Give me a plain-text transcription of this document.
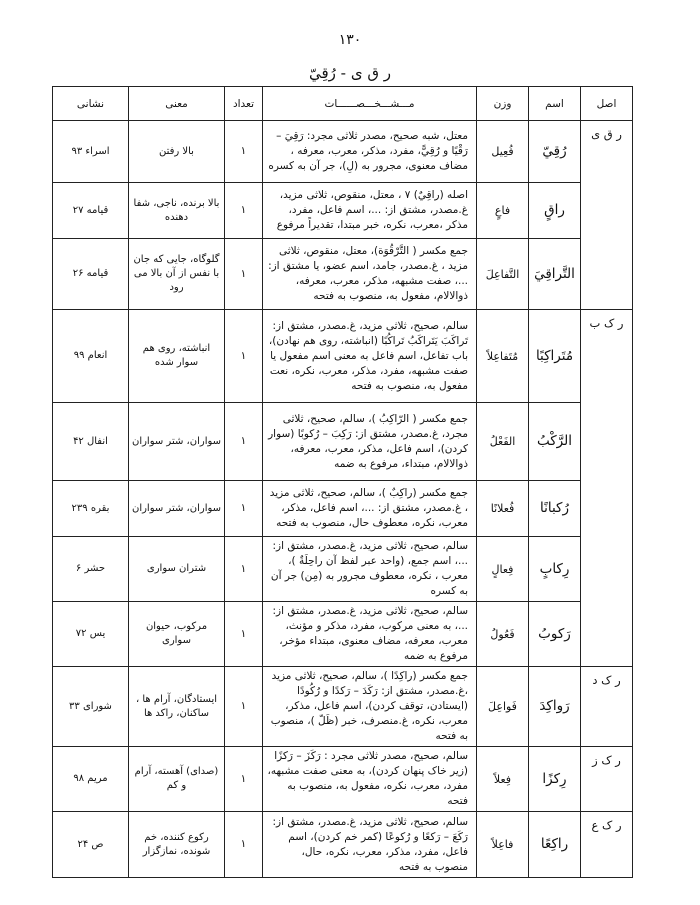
۱۳۰
ر ق ی - رُقِيّ
اصل	اسم	وزن	مـــشـــخـــصــــــات	تعداد	معنی	نشانی
ر ق ی	رُقِيّ	فُعِيل	معتل، شبه صحيح، مصدر ثلاثی مجرد: رَقِيَ – رَقْيًا و رُقِيًّ، مفرد، مذکر، معرب، معرفه ، مضاف معنوی، مجرور به (لِ)، جر آن به کسره	۱	بالا رفتن	اسراء ۹۳
	راقٍ	فاعٍ	اصله (راقِيٌ) ۷ ، معتل، منقوص، ثلاثی مزید، غ.مصدر، مشتق از: ...، اسم فاعل، مفرد، مذکر ،معرب، نکره، خبر مبتدا، تقديراً مرفوع	۱	بالا برنده، ناجی، شفا دهنده	قیامه ۲۷
	التَّراقِيَ	التَّفاعِلَ	جمع مکسر ( التَّرْقُوَة)، معتل، منقوص، ثلاثی مزید ، غ.مصدر، جامد، اسم عضو، یا مشتق از: ...، صفت مشبهه، مذکر، معرب، معرفه، ذوالالام، مفعول به، منصوب به فتحه	۱	گلوگاه، جایی که جان با نفس از آن بالا می رود	قیامه ۲۶
ر ک ب	مُتَراکِبًا	مُتَفاعِلاً	سالم، صحيح، ثلاثی مزید، غ.مصدر، مشتق از: تَراکَبَ يَتَراکَبُ تَراکُبًا (انباشته، روی هم نهادن)، باب تفاعل، اسم فاعل به معنی اسم مفعول یا صفت مشبهه، مفرد، مذکر، معرب، نکره، نعت مفعول به، منصوب به فتحه	۱	انباشته، روی هم سوار شده	انعام ۹۹
	الرَّکْبُ	الفَعْلُ	جمع مکسر ( الرّاکِبُ )، سالم، صحيح، ثلاثی مجرد، غ.مصدر، مشتق از: رَکِبَ – رُکوبًا (سوار کردن)، اسم فاعل، مذکر، معرب، معرفه، ذوالالام، مبتداء، مرفوع به ضمه	۱	سواران، شتر سواران	انفال ۴۲
	رُکبانًا	فُعلانًا	جمع مکسر (راکِبٌ )، سالم، صحيح، ثلاثی مزید ، غ.مصدر، مشتق از: ...، اسم فاعل، مذکر، معرب، نکره، معطوف حال، منصوب به فتحه	۱	سواران، شتر سواران	بقره ۲۳۹
	رِکابٍ	فِعالٍ	سالم، صحيح، ثلاثی مزید، غ.مصدر، مشتق از: ...، اسم جمع، (واحد عبر لفظ آن راحِلَةٌ )، معرب ، نکره، معطوف مجرور به (مِن) جر آن به کسره	۱	شتران سواری	حشر ۶
	رَکوبُ	فَعُولُ	سالم، صحيح، ثلاثی مزید، غ.مصدر، مشتق از: ...، به معنی مرکوب، مفرد، مذکر و مؤنث، معرب، معرفه، مضاف معنوی، مبتداء مؤخر، مرفوع به ضمه	۱	مرکوب، حیوان سواری	یس ۷۲
ر ک د	رَواکِدَ	فَواعِلَ	جمع مکسر (راکِدًا )، سالم، صحيح، ثلاثی مزید ،غ.مصدر، مشتق از: رَکَدَ – رَکدًا و رُکُودًا (ایستادن، توقف کردن)، اسم فاعل، مذکر، معرب، نکره، غ.منصرف، خبر (ظَلّ )، منصوب به فتحه	۱	ایستادگان، آرام ها ، ساکنان، راکد ها	شورای ۳۳
ر ک ز	رِکزًا	فِعلاً	سالم، صحيح، مصدر ثلاثی مجرد : رَکَزَ – رَکزًا (زیر خاک پنهان کردن)، به معنی صفت مشبهه، مفرد، معرب، نکره، مفعول به، منصوب به فتحه	۱	(صدای) آهسته، آرام و کم	مریم ۹۸
ر ک ع	راکِعًا	فاعِلاً	سالم، صحيح، ثلاثی مزید، غ.مصدر، مشتق از: رَکَعَ – رَکعًا و رُکوعًا (کمر خم کردن)، اسم فاعل، مفرد، مذکر، معرب، نکره، حال، منصوب به فتحه	۱	رکوع کننده، خم شونده، نمازگزار	ص ۲۴
